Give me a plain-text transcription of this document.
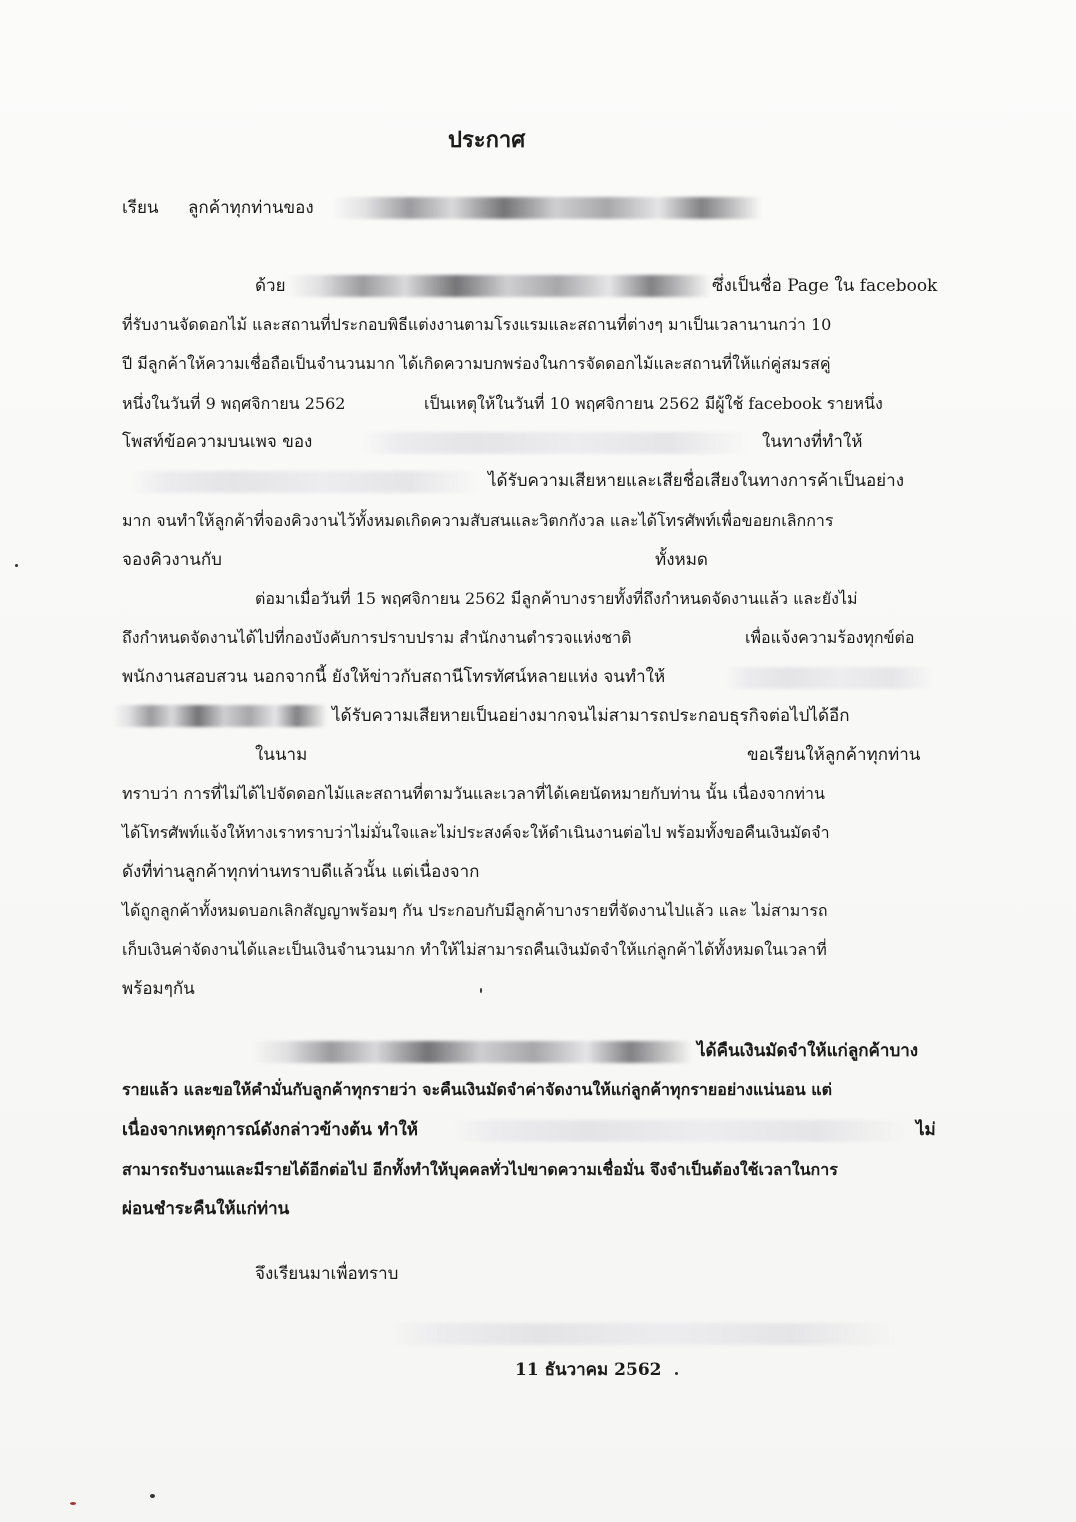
ประกาศ
เรียน ลูกค้าทุกท่านของ
ด้วย	ซึ่งเป็นชื่อ Page ใน facebook
ที่รับงานจัดดอกไม้ และสถานที่ประกอบพิธีแต่งงานตามโรงแรมและสถานที่ต่างๆ มาเป็นเวลานานกว่า 10
ปี มีลูกค้าให้ความเชื่อถือเป็นจำนวนมาก ได้เกิดความบกพร่องในการจัดดอกไม้และสถานที่ให้แก่คู่สมรสคู่
หนึ่งในวันที่ 9 พฤศจิกายน 2562	เป็นเหตุให้ในวันที่ 10 พฤศจิกายน 2562 มีผู้ใช้ facebook รายหนึ่ง
โพสท์ข้อความบนเพจ ของ	ในทางที่ทำให้
ได้รับความเสียหายและเสียชื่อเสียงในทางการค้าเป็นอย่าง
มาก จนทำให้ลูกค้าที่จองคิวงานไว้ทั้งหมดเกิดความสับสนและวิตกกังวล และได้โทรศัพท์เพื่อขอยกเลิกการ
จองคิวงานกับ	ทั้งหมด
ต่อมาเมื่อวันที่ 15 พฤศจิกายน 2562 มีลูกค้าบางรายทั้งที่ถึงกำหนดจัดงานแล้ว และยังไม่
ถึงกำหนดจัดงานได้ไปที่กองบังคับการปราบปราม สำนักงานตำรวจแห่งชาติ	เพื่อแจ้งความร้องทุกข์ต่อ
พนักงานสอบสวน นอกจากนี้ ยังให้ข่าวกับสถานีโทรทัศน์หลายแห่ง จนทำให้
ได้รับความเสียหายเป็นอย่างมากจนไม่สามารถประกอบธุรกิจต่อไปได้อีก
ในนาม	ขอเรียนให้ลูกค้าทุกท่าน
ทราบว่า การที่ไม่ได้ไปจัดดอกไม้และสถานที่ตามวันและเวลาที่ได้เคยนัดหมายกับท่าน นั้น เนื่องจากท่าน
ได้โทรศัพท์แจ้งให้ทางเราทราบว่าไม่มั่นใจและไม่ประสงค์จะให้ดำเนินงานต่อไป พร้อมทั้งขอคืนเงินมัดจำ
ดังที่ท่านลูกค้าทุกท่านทราบดีแล้วนั้น แต่เนื่องจาก
ได้ถูกลูกค้าทั้งหมดบอกเลิกสัญญาพร้อมๆ กัน ประกอบกับมีลูกค้าบางรายที่จัดงานไปแล้ว และ ไม่สามารถ
เก็บเงินค่าจัดงานได้และเป็นเงินจำนวนมาก ทำให้ไม่สามารถคืนเงินมัดจำให้แก่ลูกค้าได้ทั้งหมดในเวลาที่
พร้อมๆกัน
ได้คืนเงินมัดจำให้แก่ลูกค้าบาง
รายแล้ว และขอให้คำมั่นกับลูกค้าทุกรายว่า จะคืนเงินมัดจำค่าจัดงานให้แก่ลูกค้าทุกรายอย่างแน่นอน แต่
เนื่องจากเหตุการณ์ดังกล่าวข้างต้น ทำให้	ไม่
สามารถรับงานและมีรายได้อีกต่อไป อีกทั้งทำให้บุคคลทั่วไปขาดความเชื่อมั่น จึงจำเป็นต้องใช้เวลาในการ
ผ่อนชำระคืนให้แก่ท่าน
จึงเรียนมาเพื่อทราบ
11 ธันวาคม 2562
